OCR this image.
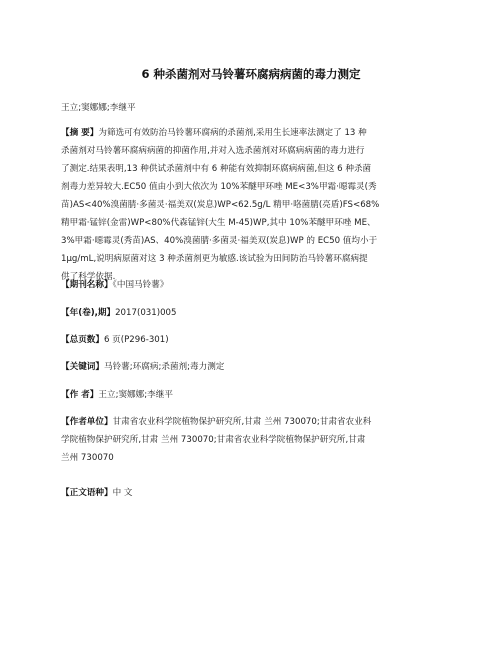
6 种杀菌剂对马铃薯环腐病病菌的毒力测定
王立;窦娜娜;李继平
【摘 要】为筛选可有效防治马铃薯环腐病的杀菌剂,采用生长速率法测定了 13 种
杀菌剂对马铃薯环腐病病菌的抑菌作用,并对入选杀菌剂对环腐病病菌的毒力进行
了测定.结果表明,13 种供试杀菌剂中有 6 种能有效抑制环腐病病菌,但这 6 种杀菌
剂毒力差异较大.EC50 值由小到大依次为 10%苯醚甲环唑 ME<3%甲霜·噁霉灵(秀
苗)AS<40%溴菌腈·多菌灵·福美双(炭息)WP<62.5g/L 精甲·咯菌腈(亮盾)FS<68%
精甲霜·锰锌(金雷)WP<80%代森锰锌(大生 M-45)WP,其中 10%苯醚甲环唑 ME、
3%甲霜·噁霉灵(秀苗)AS、40%溴菌腈·多菌灵·福美双(炭息)WP 的 EC50 值均小于
1μg/mL,说明病原菌对这 3 种杀菌剂更为敏感.该试验为田间防治马铃薯环腐病提
供了科学依据.
【期刊名称】《中国马铃薯》
【年(卷),期】2017(031)005
【总页数】6 页(P296-301)
【关键词】马铃薯;环腐病;杀菌剂;毒力测定
【作 者】王立;窦娜娜;李继平
【作者单位】甘肃省农业科学院植物保护研究所,甘肃 兰州 730070;甘肃省农业科
学院植物保护研究所,甘肃 兰州 730070;甘肃省农业科学院植物保护研究所,甘肃
兰州 730070
【正文语种】中 文
